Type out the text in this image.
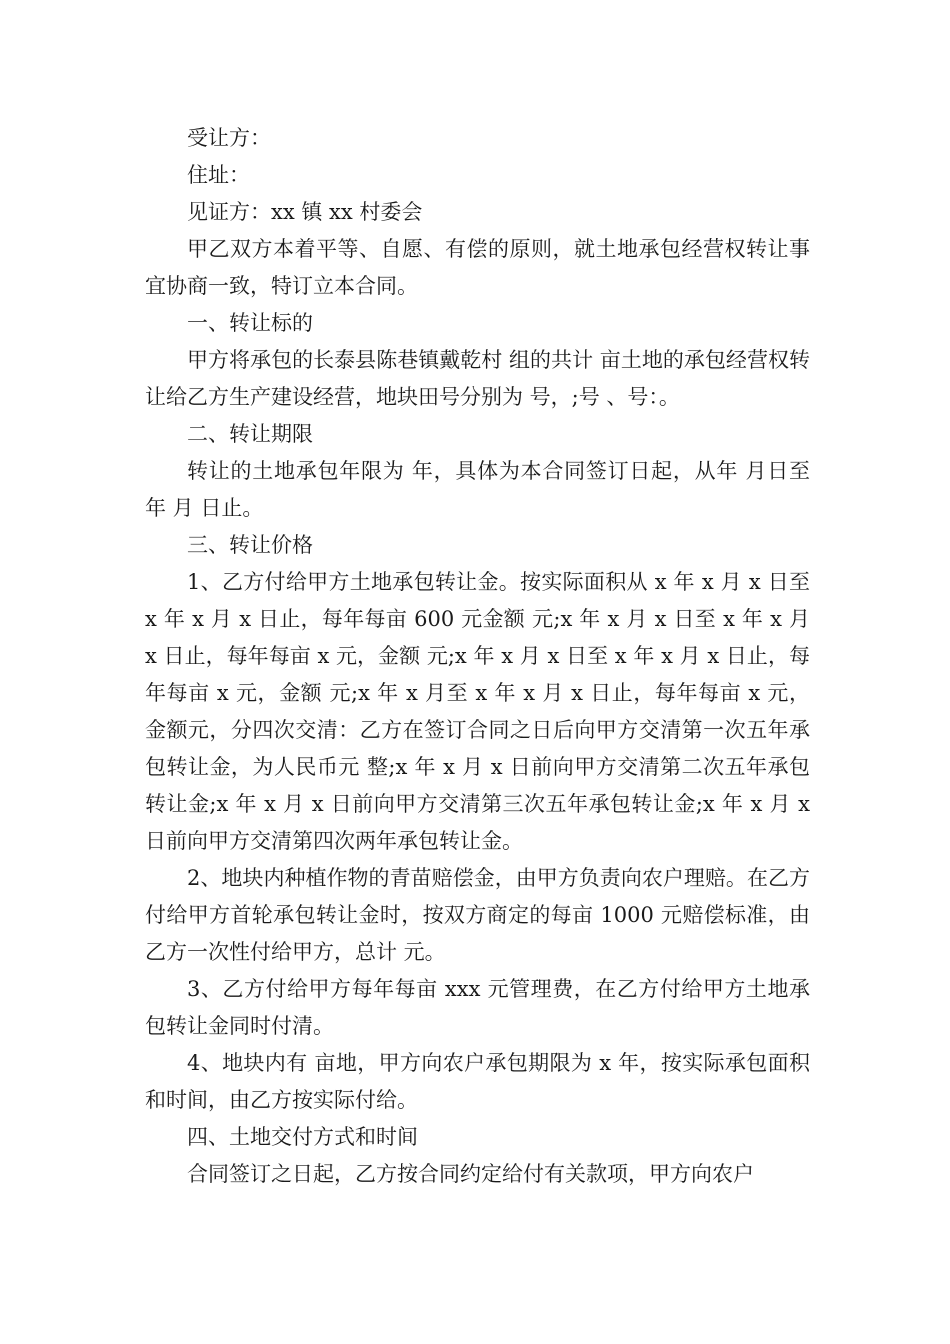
受让方：

住址：

见证方：xx 镇 xx 村委会

甲乙双方本着平等、自愿、有偿的原则，就土地承包经营权转让事宜协商一致，特订立本合同。

一、转让标的

甲方将承包的长泰县陈巷镇戴乾村 组的共计 亩土地的承包经营权转让给乙方生产建设经营，地块田号分别为 号，;号 、号：。

二、转让期限

转让的土地承包年限为 年，具体为本合同签订日起，从年 月日至 年 月 日止。

三、转让价格

1、乙方付给甲方土地承包转让金。按实际面积从 x 年 x 月 x 日至 x 年 x 月 x 日止，每年每亩 600 元金额 元;x 年 x 月 x 日至 x 年 x 月 x 日止，每年每亩 x 元，金额 元;x 年 x 月 x 日至 x 年 x 月 x 日止，每年每亩 x 元，金额 元;x 年 x 月至 x 年 x 月 x 日止，每年每亩 x 元，金额元，分四次交清：乙方在签订合同之日后向甲方交清第一次五年承包转让金，为人民币元 整;x 年 x 月 x 日前向甲方交清第二次五年承包转让金;x 年 x 月 x 日前向甲方交清第三次五年承包转让金;x 年 x 月 x 日前向甲方交清第四次两年承包转让金。

2、地块内种植作物的青苗赔偿金，由甲方负责向农户理赔。在乙方付给甲方首轮承包转让金时，按双方商定的每亩 1000 元赔偿标准，由乙方一次性付给甲方，总计 元。

3、乙方付给甲方每年每亩 xxx 元管理费，在乙方付给甲方土地承包转让金同时付清。

4、地块内有 亩地，甲方向农户承包期限为 x 年，按实际承包面积和时间，由乙方按实际付给。

四、土地交付方式和时间

合同签订之日起，乙方按合同约定给付有关款项，甲方向农户
